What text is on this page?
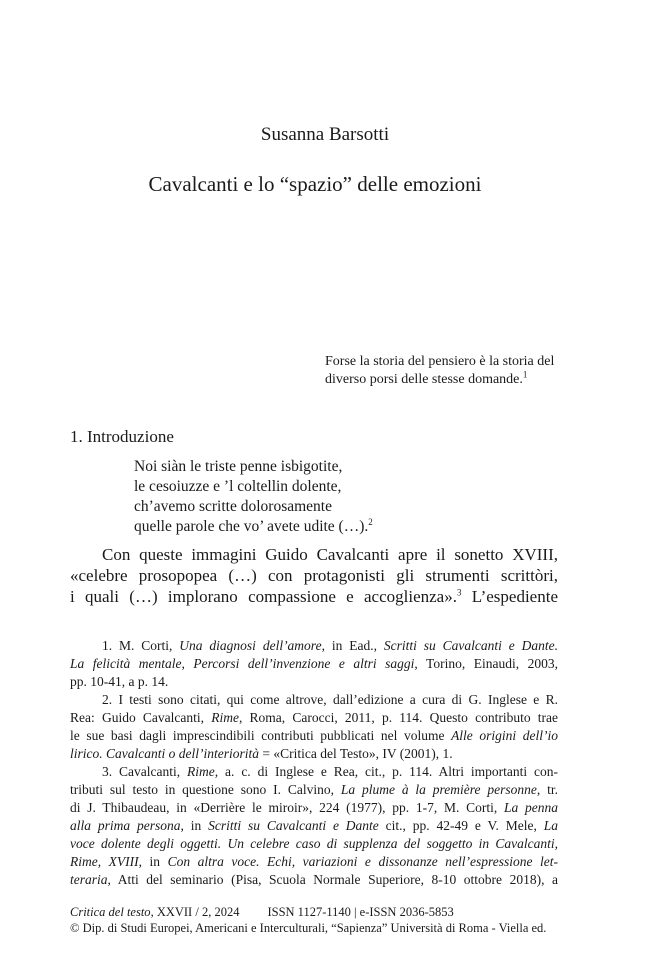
Susanna Barsotti
Cavalcanti e lo “spazio” delle emozioni
Forse la storia del pensiero è la storia del
diverso porsi delle stesse domande.$^1$
1. Introduzione
Noi siàn le triste penne isbigotite,
le cesoiuzze e ’l coltellin dolente,
ch’avemo scritte dolorosamente
quelle parole che vo’ avete udite (…).$^2$
Con queste immagini Guido Cavalcanti apre il sonetto XVIII,
«celebre prosopopea (…) con protagonisti gli strumenti scrittòri,
i quali (…) implorano compassione e accoglienza».$^3$ L’espediente
1. M. Corti, Una diagnosi dell’amore, in Ead., Scritti su Cavalcanti e Dante.
La felicità mentale, Percorsi dell’invenzione e altri saggi, Torino, Einaudi, 2003,
pp. 10-41, a p. 14.
2. I testi sono citati, qui come altrove, dall’edizione a cura di G. Inglese e R.
Rea: Guido Cavalcanti, Rime, Roma, Carocci, 2011, p. 114. Questo contributo trae
le sue basi dagli imprescindibili contributi pubblicati nel volume Alle origini dell’io
lirico. Cavalcanti o dell’interiorità = «Critica del Testo», IV (2001), 1.
3. Cavalcanti, Rime, a. c. di Inglese e Rea, cit., p. 114. Altri importanti con-
tributi sul testo in questione sono I. Calvino, La plume à la première personne, tr.
di J. Thibaudeau, in «Derrière le miroir», 224 (1977), pp. 1-7, M. Corti, La penna
alla prima persona, in Scritti su Cavalcanti e Dante cit., pp. 42-49 e V. Mele, La
voce dolente degli oggetti. Un celebre caso di supplenza del soggetto in Cavalcanti,
Rime, XVIII, in Con altra voce. Echi, variazioni e dissonanze nell’espressione let-
teraria, Atti del seminario (Pisa, Scuola Normale Superiore, 8-10 ottobre 2018), a
Critica del testo, XXVII / 2, 2024 ISSN 1127-1140 | e-ISSN 2036-5853
© Dip. di Studi Europei, Americani e Interculturali, “Sapienza” Università di Roma - Viella ed.
